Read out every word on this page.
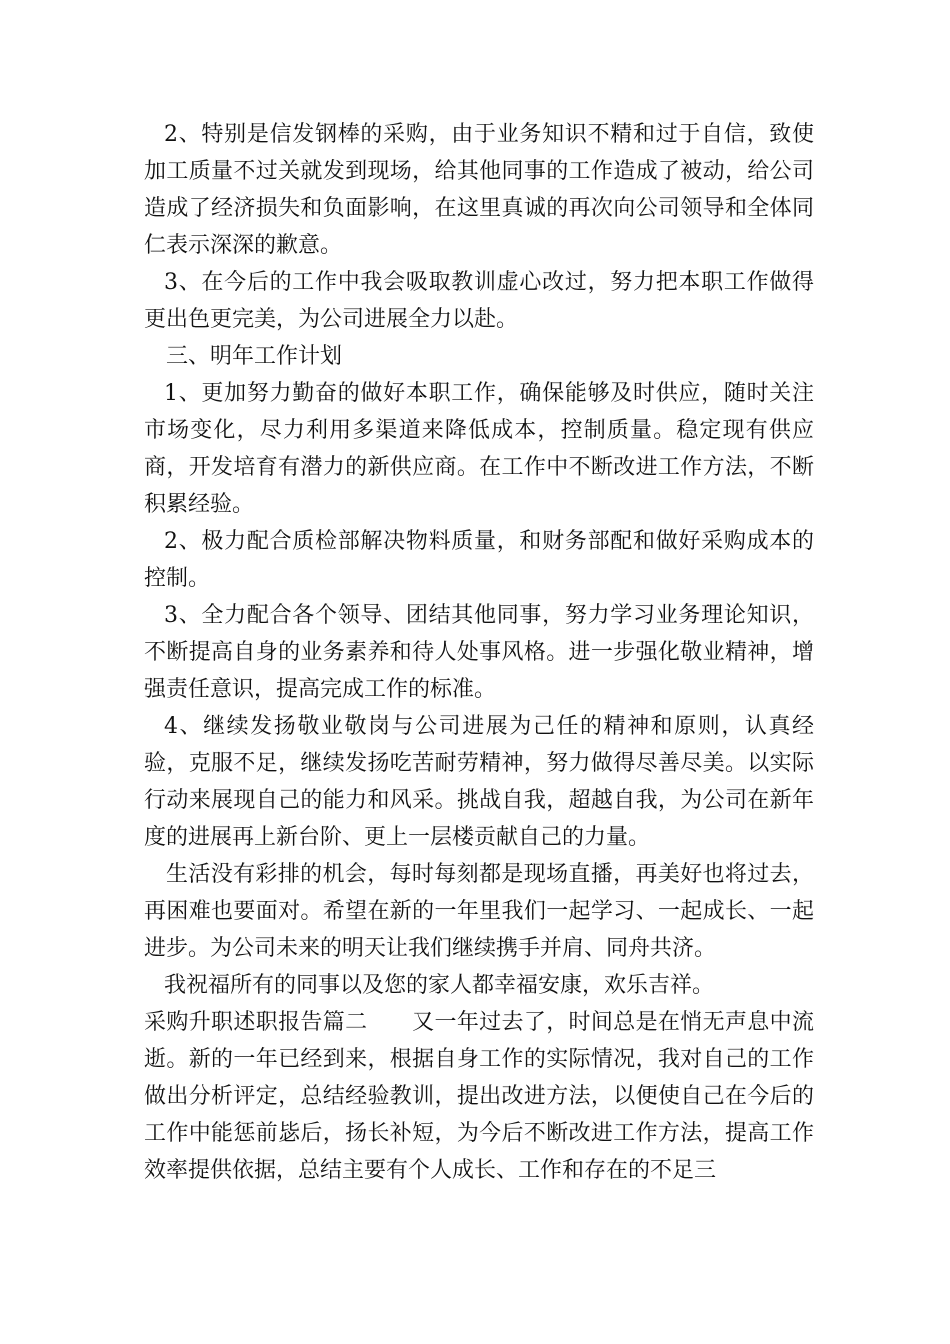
2、特别是信发钢棒的采购，由于业务知识不精和过于自信，致使加工质量不过关就发到现场，给其他同事的工作造成了被动，给公司造成了经济损失和负面影响，在这里真诚的再次向公司领导和全体同仁表示深深的歉意。

3、在今后的工作中我会吸取教训虚心改过，努力把本职工作做得更出色更完美，为公司进展全力以赴。

三、明年工作计划

1、更加努力勤奋的做好本职工作，确保能够及时供应，随时关注市场变化，尽力利用多渠道来降低成本，控制质量。稳定现有供应商，开发培育有潜力的新供应商。在工作中不断改进工作方法，不断积累经验。

2、极力配合质检部解决物料质量，和财务部配和做好采购成本的控制。

3、全力配合各个领导、团结其他同事，努力学习业务理论知识，不断提高自身的业务素养和待人处事风格。进一步强化敬业精神，增强责任意识，提高完成工作的标准。

4、继续发扬敬业敬岗与公司进展为己任的精神和原则，认真经验，克服不足，继续发扬吃苦耐劳精神，努力做得尽善尽美。以实际行动来展现自己的能力和风采。挑战自我，超越自我，为公司在新年度的进展再上新台阶、更上一层楼贡献自己的力量。

生活没有彩排的机会，每时每刻都是现场直播，再美好也将过去，再困难也要面对。希望在新的一年里我们一起学习、一起成长、一起进步。为公司未来的明天让我们继续携手并肩、同舟共济。

我祝福所有的同事以及您的家人都幸福安康，欢乐吉祥。

采购升职述职报告篇二　　又一年过去了，时间总是在悄无声息中流逝。新的一年已经到来，根据自身工作的实际情况，我对自己的工作做出分析评定，总结经验教训，提出改进方法，以便使自己在今后的工作中能惩前毖后，扬长补短，为今后不断改进工作方法，提高工作效率提供依据，总结主要有个人成长、工作和存在的不足三
